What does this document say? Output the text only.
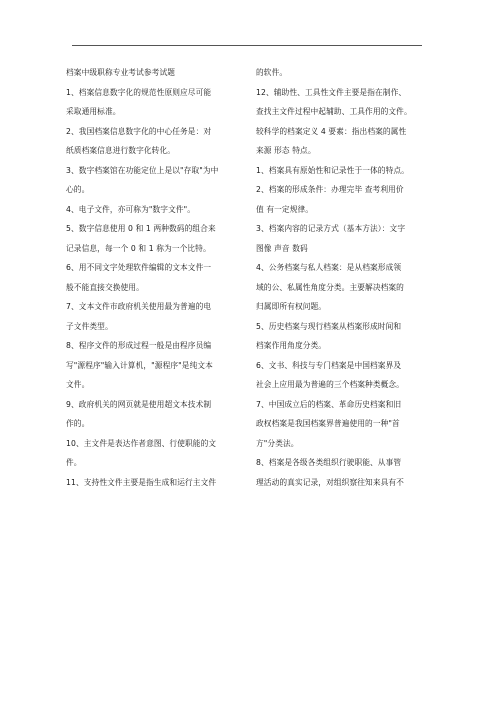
档案中级职称专业考试参考试题
1、档案信息数字化的规范性原则应尽可能
采取通用标准。
2、我国档案信息数字化的中心任务是：对
纸质档案信息进行数字化转化。
3、数字档案馆在功能定位上是以"存取"为中
心的。
4、电子文件，亦可称为"数字文件"。
5、数字信息使用 0 和 1 两种数码的组合来
记录信息，每一个 0 和 1 称为一个比特。
6、用不同文字处理软件编辑的文本文件一
般不能直接交换使用。
7、文本文件市政府机关使用最为普遍的电
子文件类型。
8、程序文件的形成过程一般是由程序员编
写"源程序"输入计算机，"源程序"是纯文本
文件。
9、政府机关的网页就是使用超文本技术制
作的。
10、主文件是表达作者意图、行使职能的文
件。
11、支持性文件主要是指生成和运行主文件
的软件。
12、辅助性、工具性文件主要是指在制作、
查找主文件过程中起辅助、工具作用的文件。
较科学的档案定义 4 要素：指出档案的属性
来源 形态 特点。
1、档案具有原始性和记录性于一体的特点。
2、档案的形成条件：办理完毕 查考利用价
值 有一定规律。
3、档案内容的记录方式（基本方法）：文字
图像 声音 数码
4、公务档案与私人档案：是从档案形成领
域的公、私属性角度分类。主要解决档案的
归属即所有权问题。
5、历史档案与现行档案从档案形成时间和
档案作用角度分类。
6、文书、科技与专门档案是中国档案界及
社会上应用最为普遍的三个档案种类概念。
7、中国成立后的档案、革命历史档案和旧
政权档案是我国档案界普遍使用的一种"首
方"分类法。
8、档案是各级各类组织行驶职能、从事管
理活动的真实记录，对组织察往知来具有不
